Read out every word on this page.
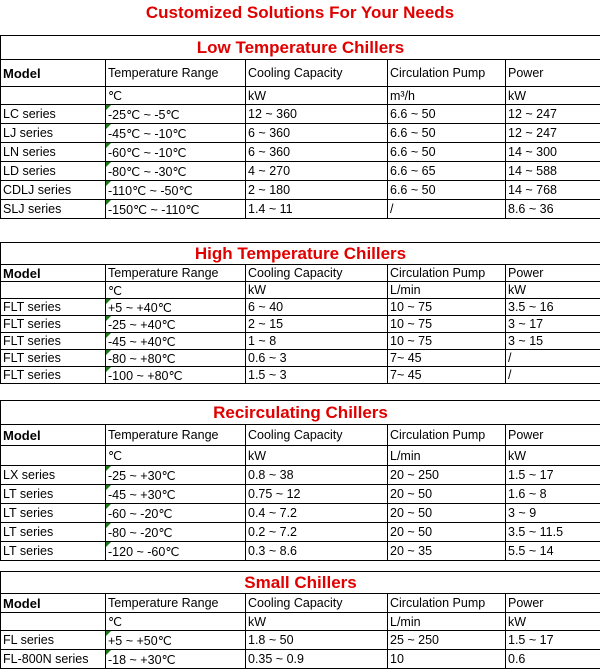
Customized Solutions For Your Needs
Low Temperature Chillers
Model	Temperature Range	Cooling Capacity	Circulation Pump	Power
	℃	kW	m³/h	kW
LC series	-25℃ ~ -5℃	12 ~ 360	6.6 ~ 50	12 ~ 247
LJ series	-45℃ ~ -10℃	6 ~ 360	6.6 ~ 50	12 ~ 247
LN series	-60℃ ~ -10℃	6 ~ 360	6.6 ~ 50	14 ~ 300
LD series	-80℃ ~ -30℃	4 ~ 270	6.6 ~ 65	14 ~ 588
CDLJ series	-110℃ ~ -50℃	2 ~ 180	6.6 ~ 50	14 ~ 768
SLJ series	-150℃ ~ -110℃	1.4 ~ 11	/	8.6 ~ 36
High Temperature Chillers
Model	Temperature Range	Cooling Capacity	Circulation Pump	Power
	℃	kW	L/min	kW
FLT series	+5 ~ +40℃	6 ~ 40	10 ~ 75	3.5 ~ 16
FLT series	-25 ~ +40℃	2 ~ 15	10 ~ 75	3 ~ 17
FLT series	-45 ~ +40℃	1 ~ 8	10 ~ 75	3 ~ 15
FLT series	-80 ~ +80℃	0.6 ~ 3	7~ 45	/
FLT series	-100 ~ +80℃	1.5 ~ 3	7~ 45	/
Recirculating Chillers
Model	Temperature Range	Cooling Capacity	Circulation Pump	Power
	℃	kW	L/min	kW
LX series	-25 ~ +30℃	0.8 ~ 38	20 ~ 250	1.5 ~ 17
LT series	-45 ~ +30℃	0.75 ~ 12	20 ~ 50	1.6 ~ 8
LT series	-60 ~ -20℃	0.4 ~ 7.2	20 ~ 50	3 ~ 9
LT series	-80 ~ -20℃	0.2 ~ 7.2	20 ~ 50	3.5 ~ 11.5
LT series	-120 ~ -60℃	0.3 ~ 8.6	20 ~ 35	5.5 ~ 14
Small Chillers
Model	Temperature Range	Cooling Capacity	Circulation Pump	Power
	℃	kW	L/min	kW
FL series	+5 ~ +50℃	1.8 ~ 50	25 ~ 250	1.5 ~ 17
FL-800N series	-18 ~ +30℃	0.35 ~ 0.9	10	0.6
